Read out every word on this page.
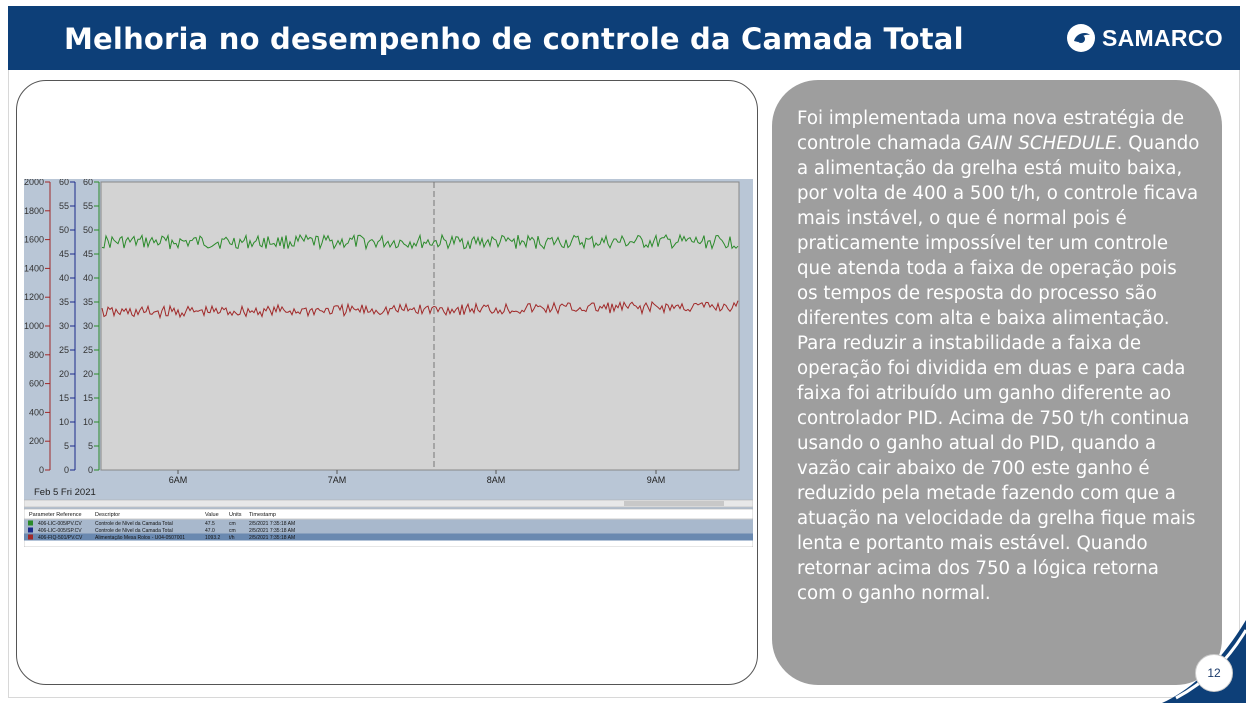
Melhoria no desempenho de controle da Camada Total	SAMARCO
2000
1800
1600
1400
1200
1000
800
600
400
200
0
60
55
50
45
40
35
30
25
20
15
10
5
0
60
55
50
45
40
35
30
25
20
15
10
5
0
6AM	7AM	8AM	9AM
Feb 5 Fri 2021
Parameter Reference Descriptor	Value Units Timestamp
406-LIC-005/PV.CV	Controle de Nível da Camada Total	47.5	cm	2/5/2021 7:35:18 AM
406-LIC-005/SP.CV	Controle de Nível da Camada Total	47.0	cm	2/5/2021 7:35:18 AM
406-FIQ-501/PV.CV	Alimentação Mesa Rolos - U04-0507001	1093.2 t/h	2/5/2021 7:35:18 AM

Foi implementada uma nova estratégia de controle chamada GAIN SCHEDULE. Quando a alimentação da grelha está muito baixa, por volta de 400 a 500 t/h, o controle ficava mais instável, o que é normal pois é praticamente impossível ter um controle que atenda toda a faixa de operação pois os tempos de resposta do processo são diferentes com alta e baixa alimentação. Para reduzir a instabilidade a faixa de operação foi dividida em duas e para cada faixa foi atribuído um ganho diferente ao controlador PID. Acima de 750 t/h continua usando o ganho atual do PID, quando a vazão cair abaixo de 700 este ganho é reduzido pela metade fazendo com que a atuação na velocidade da grelha fique mais lenta e portanto mais estável. Quando retornar acima dos 750 a lógica retorna com o ganho normal.

12
